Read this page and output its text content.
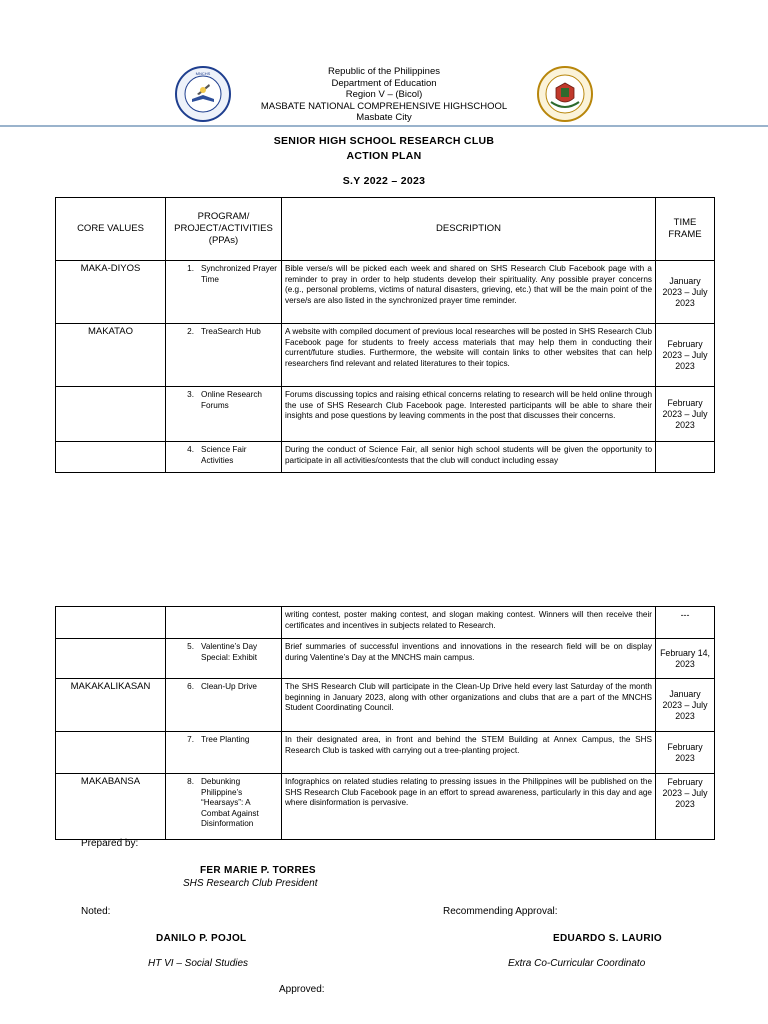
MNCHS	Republic of the Philippines
Department of Education
Region V – (Bicol)
MASBATE NATIONAL COMPREHENSIVE HIGHSCHOOL
Masbate City
SENIOR HIGH SCHOOL RESEARCH CLUB
ACTION PLAN
S.Y 2022 – 2023
CORE VALUES	PROGRAM/ PROJECT/ACTIVITIES (PPAs)	DESCRIPTION	TIME FRAME
MAKA-DIYOS	1. Synchronized Prayer Time	Bible verse/s will be picked each week and shared on SHS Research Club Facebook page with a reminder to pray in order to help students develop their spirituality. Any possible prayer concerns (e.g., personal problems, victims of natural disasters, grieving, etc.) that will be the main point of the verse/s are also listed in the synchronized prayer time reminder.	January 2023 – July 2023
MAKATAO	2. TreaSearch Hub	A website with compiled document of previous local researches will be posted in SHS Research Club Facebook page for students to freely access materials that may help them in conducting their current/future studies. Furthermore, the website will contain links to other websites that can help researchers find relevant and related literatures to their topics.	February 2023 – July 2023
	3. Online Research Forums	Forums discussing topics and raising ethical concerns relating to research will be held online through the use of SHS Research Club Facebook page. Interested participants will be able to share their insights and pose questions by leaving comments in the post that discusses their concerns.	February 2023 – July 2023
	4. Science Fair Activities	During the conduct of Science Fair, all senior high school students will be given the opportunity to participate in all activities/contests that the club will conduct including essay	
		writing contest, poster making contest, and slogan making contest. Winners will then receive their certificates and incentives in subjects related to Research.	---
	5. Valentine’s Day Special: Exhibit	Brief summaries of successful inventions and innovations in the research field will be on display during Valentine’s Day at the MNCHS main campus.	February 14, 2023
MAKAKALIKASAN	6. Clean-Up Drive	The SHS Research Club will participate in the Clean-Up Drive held every last Saturday of the month beginning in January 2023, along with other organizations and clubs that are a part of the MNCHS Student Coordinating Council.	January 2023 – July 2023
	7. Tree Planting	In their designated area, in front and behind the STEM Building at Annex Campus, the SHS Research Club is tasked with carrying out a tree-planting project.	February 2023
MAKABANSA	8. Debunking Philippine’s “Hearsays”: A Combat Against Disinformation	Infographics on related studies relating to pressing issues in the Philippines will be published on the SHS Research Club Facebook page in an effort to spread awareness, particularly in this day and age where disinformation is pervasive.	February 2023 – July 2023
Prepared by:
FER MARIE P. TORRES
SHS Research Club President
Noted:	Recommending Approval:
DANILO P. POJOL	EDUARDO S. LAURIO
HT VI – Social Studies	Extra Co-Curricular Coordinato
Approved:
